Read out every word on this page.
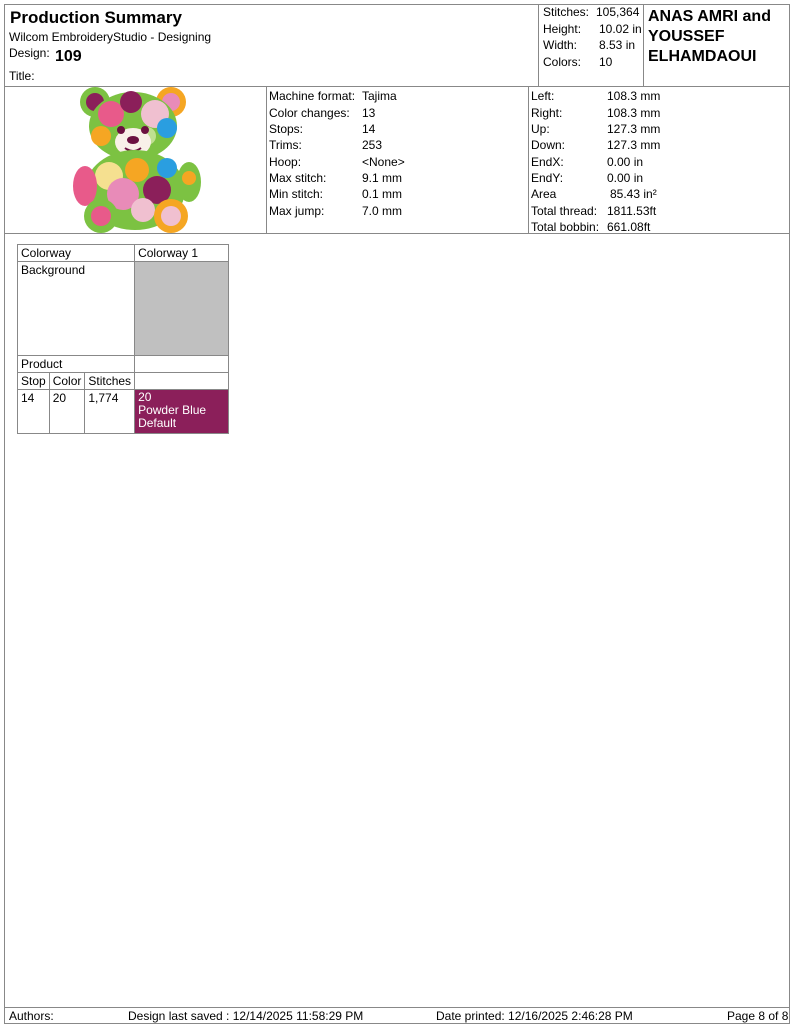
Production Summary
Wilcom EmbroideryStudio - Designing
Design: 109
Title:
Stitches: 105,364
Height: 10.02 in
Width: 8.53 in
Colors: 10
ANAS AMRI and YOUSSEF ELHAMDAOUI
Machine format: Tajima
Color changes: 13
Stops:	14
Trims:	253
Hoop:	<None>
Max stitch:	9.1 mm
Min stitch:	0.1 mm
Max jump:	7.0 mm
Left:	108.3 mm
Right:	108.3 mm
Up:	127.3 mm
Down:	127.3 mm
EndX:	0.00 in
EndY:	0.00 in
Area	85.43 in²
Total thread: 1811.53ft
Total bobbin: 661.08ft
Colorway			Colorway 1
Background			
Product			
Stop	Color	Stitches	
14	20	1,774	20
Powder Blue
Default
Authors:	Design last saved : 12/14/2025 11:58:29 PM	Date printed: 12/16/2025 2:46:28 PM	Page 8 of 8
